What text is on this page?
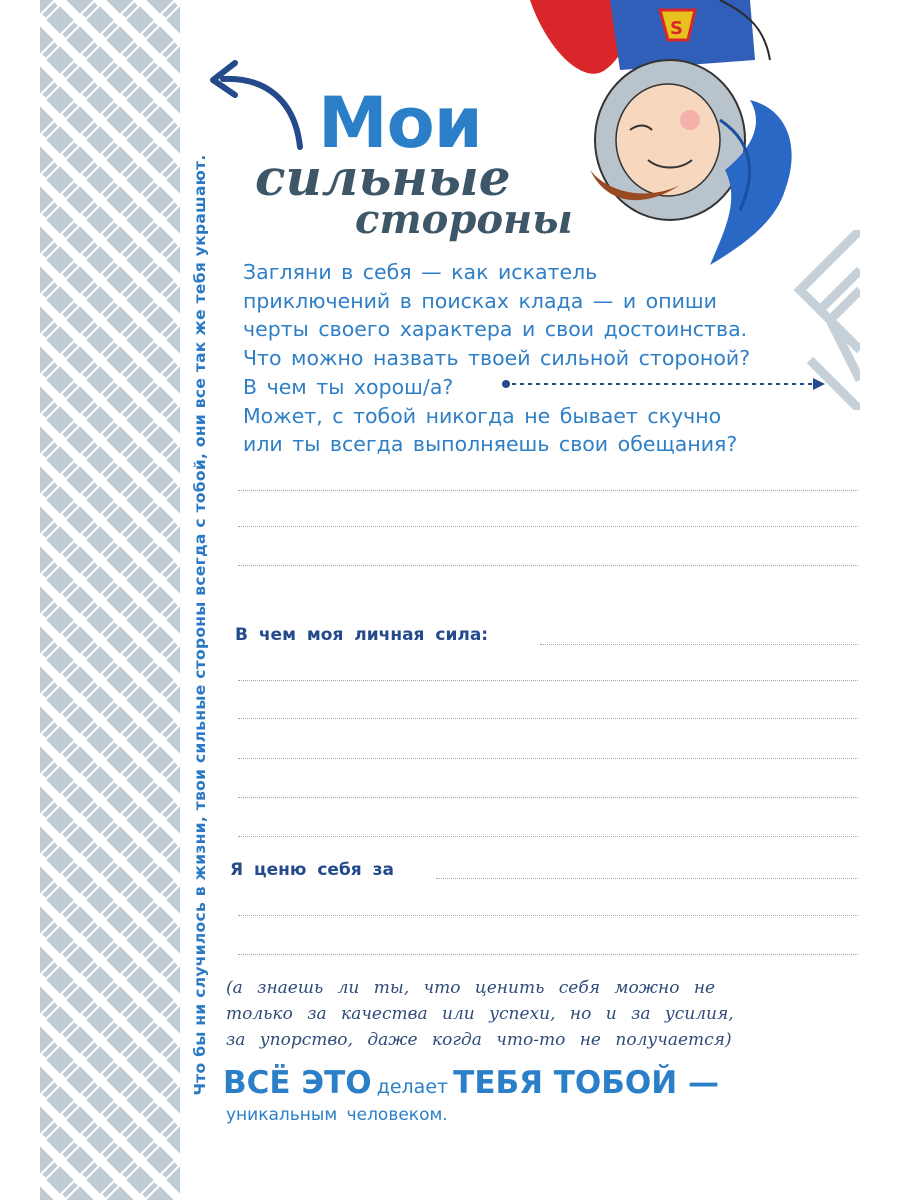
Что бы ни случилось в жизни, твои сильные стороны всегда с тобой, они все так же тебя украшают.
S
Мои
сильные
стороны

Загляни в себя — как искатель

приключений в поисках клада — и опиши

черты своего характера и свои достоинства.

Что можно назвать твоей сильной стороной?

В чем ты хорош/а?

Может, с тобой никогда не бывает скучно

или ты всегда выполняешь свои обещания?

В чем моя личная сила:
Я ценю себя за

(а знаешь ли ты, что ценить себя можно не

только за качества или успехи, но и за усилия,

за упорство, даже когда что-то не получается)

ВСЁ ЭТО делает ТЕБЯ ТОБОЙ —
уникальным человеком.
